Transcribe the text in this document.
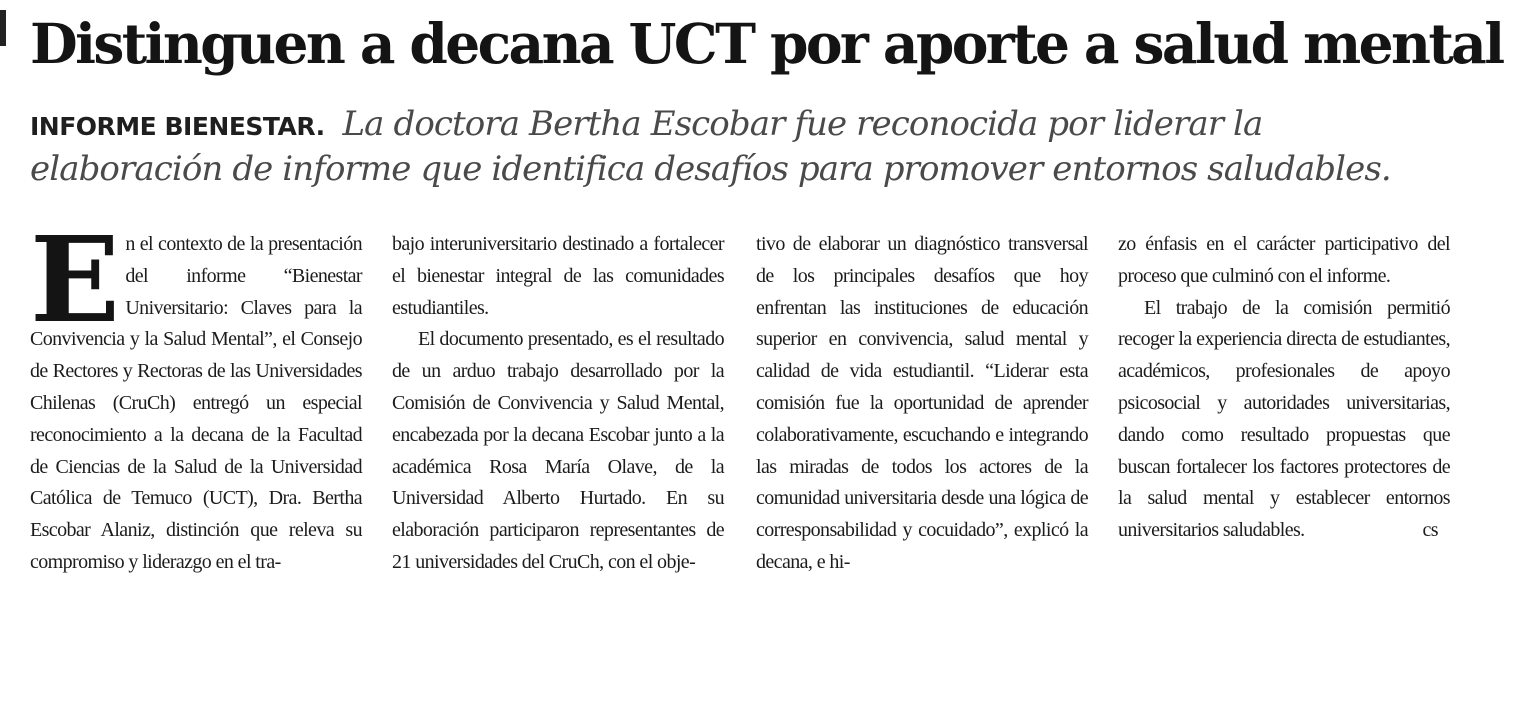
Distinguen a decana UCT por aporte a salud mental
INFORME BIENESTAR. La doctora Bertha Escobar fue reconocida por liderar la elaboración de informe que identifica desafíos para promover entornos saludables.

En el contexto de la presentación del informe “Bienestar Universitario: Claves para la Convivencia y la Salud Mental”, el Consejo de Rectores y Rectoras de las Universidades Chilenas (CruCh) entregó un especial reconocimiento a la decana de la Facultad de Ciencias de la Salud de la Universidad Católica de Temuco (UCT), Dra. Bertha Escobar Alaniz, distinción que releva su compromiso y liderazgo en el tra-

bajo interuniversitario destinado a fortalecer el bienestar integral de las comunidades estudiantiles.

El documento presentado, es el resultado de un arduo trabajo desarrollado por la Comisión de Convivencia y Salud Mental, encabezada por la decana Escobar junto a la académica Rosa María Olave, de la Universidad Alberto Hurtado. En su elaboración participaron representantes de 21 universidades del CruCh, con el obje-

tivo de elaborar un diagnóstico transversal de los principales desafíos que hoy enfrentan las instituciones de educación superior en convivencia, salud mental y calidad de vida estudiantil. “Liderar esta comisión fue la oportunidad de aprender colaborativamente, escuchando e integrando las miradas de todos los actores de la comunidad universitaria desde una lógica de corresponsabilidad y cocuidado”, explicó la decana, e hi-

zo énfasis en el carácter participativo del proceso que culminó con el informe.

El trabajo de la comisión permitió recoger la experiencia directa de estudiantes, académicos, profesionales de apoyo psicosocial y autoridades universitarias, dando como resultado propuestas que buscan fortalecer los factores protectores de la salud mental y establecer entornos universitarios saludables.	cs
